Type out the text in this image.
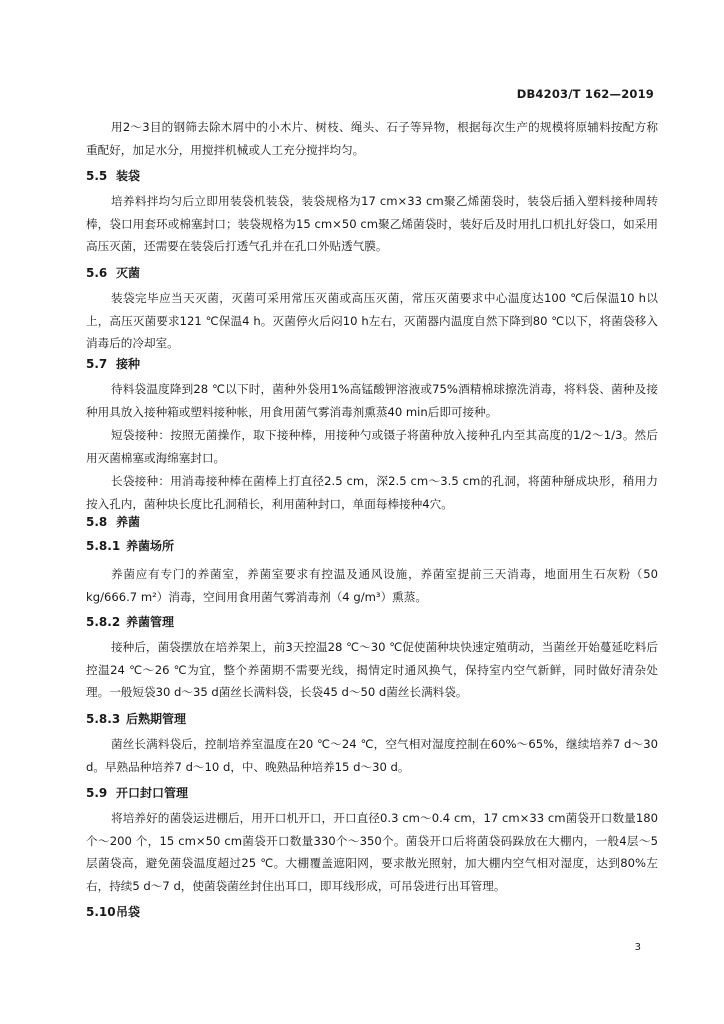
DB4203/T 162—2019

用2～3目的钢筛去除木屑中的小木片、树枝、绳头、石子等异物，根据每次生产的规模将原辅料按配方称重配好，加足水分，用搅拌机械或人工充分搅拌均匀。

5.5 装袋

培养料拌均匀后立即用装袋机装袋，装袋规格为17 cm×33 cm聚乙烯菌袋时，装袋后插入塑料接种周转棒，袋口用套环或棉塞封口；装袋规格为15 cm×50 cm聚乙烯菌袋时，装好后及时用扎口机扎好袋口，如采用高压灭菌，还需要在装袋后打透气孔并在孔口外贴透气膜。

5.6 灭菌

装袋完毕应当天灭菌，灭菌可采用常压灭菌或高压灭菌，常压灭菌要求中心温度达100 ℃后保温10 h以上，高压灭菌要求121 ℃保温4 h。灭菌停火后闷10 h左右，灭菌器内温度自然下降到80 ℃以下，将菌袋移入消毒后的冷却室。

5.7 接种

待料袋温度降到28 ℃以下时，菌种外袋用1%高锰酸钾溶液或75%酒精棉球擦洗消毒，将料袋、菌种及接种用具放入接种箱或塑料接种帐，用食用菌气雾消毒剂熏蒸40 min后即可接种。

短袋接种：按照无菌操作，取下接种棒，用接种勺或镊子将菌种放入接种孔内至其高度的1/2～1/3。然后用灭菌棉塞或海绵塞封口。

长袋接种：用消毒接种棒在菌棒上打直径2.5 cm，深2.5 cm～3.5 cm的孔洞，将菌种掰成块形，稍用力按入孔内，菌种块长度比孔洞稍长，利用菌种封口，单面每棒接种4穴。

5.8 养菌
5.8.1 养菌场所

养菌应有专门的养菌室，养菌室要求有控温及通风设施，养菌室提前三天消毒，地面用生石灰粉（50 kg/666.7 m²）消毒，空间用食用菌气雾消毒剂（4 g/m³）熏蒸。

5.8.2 养菌管理

接种后，菌袋摆放在培养架上，前3天控温28 ℃～30 ℃促使菌种块快速定殖萌动，当菌丝开始蔓延吃料后控温24 ℃～26 ℃为宜，整个养菌期不需要光线，揭情定时通风换气，保持室内空气新鲜，同时做好清杂处理。一般短袋30 d～35 d菌丝长满料袋，长袋45 d～50 d菌丝长满料袋。

5.8.3 后熟期管理

菌丝长满料袋后，控制培养室温度在20 ℃～24 ℃，空气相对湿度控制在60%～65%，继续培养7 d～30 d。早熟品种培养7 d～10 d，中、晚熟品种培养15 d～30 d。

5.9 开口封口管理

将培养好的菌袋运进棚后，用开口机开口，开口直径0.3 cm～0.4 cm，17 cm×33 cm菌袋开口数量180 个～200 个，15 cm×50 cm菌袋开口数量330个～350个。菌袋开口后将菌袋码跺放在大棚内，一般4层～5层菌袋高，避免菌袋温度超过25 ℃。大棚覆盖遮阳网，要求散光照射，加大棚内空气相对湿度，达到80%左右，持续5 d～7 d，使菌袋菌丝封住出耳口，即耳线形成，可吊袋进行出耳管理。

5.10吊袋
3
